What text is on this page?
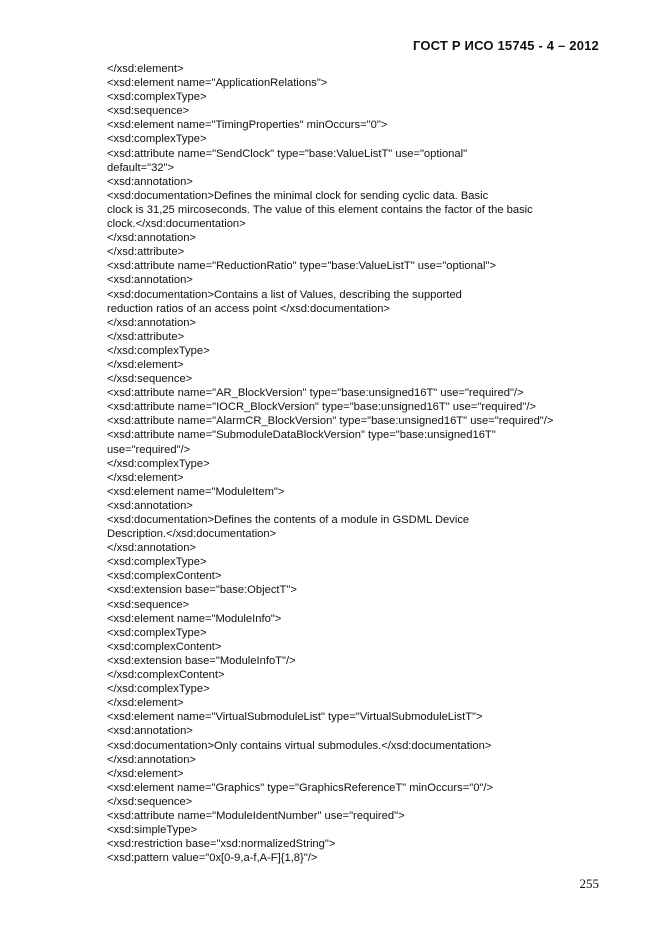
ГОСТ Р ИСО 15745 - 4 – 2012
</xsd:element>
<xsd:element name="ApplicationRelations">
<xsd:complexType>
<xsd:sequence>
<xsd:element name="TimingProperties" minOccurs="0">
<xsd:complexType>
<xsd:attribute name="SendClock" type="base:ValueListT" use="optional"
default="32">
<xsd:annotation>
<xsd:documentation>Defines the minimal clock for sending cyclic data. Basic
clock is 31,25 mircoseconds. The value of this element contains the factor of the basic
clock.</xsd:documentation>
</xsd:annotation>
</xsd:attribute>
<xsd:attribute name="ReductionRatio" type="base:ValueListT" use="optional">
<xsd:annotation>
<xsd:documentation>Contains a list of Values, describing the supported
reduction ratios of an access point </xsd:documentation>
</xsd:annotation>
</xsd:attribute>
</xsd:complexType>
</xsd:element>
</xsd:sequence>
<xsd:attribute name="AR_BlockVersion" type="base:unsigned16T" use="required"/>
<xsd:attribute name="IOCR_BlockVersion" type="base:unsigned16T" use="required"/>
<xsd:attribute name="AlarmCR_BlockVersion" type="base:unsigned16T" use="required"/>
<xsd:attribute name="SubmoduleDataBlockVersion" type="base:unsigned16T"
use="required"/>
</xsd:complexType>
</xsd:element>
<xsd:element name="ModuleItem">
<xsd:annotation>
<xsd:documentation>Defines the contents of a module in GSDML Device
Description.</xsd:documentation>
</xsd:annotation>
<xsd:complexType>
<xsd:complexContent>
<xsd:extension base="base:ObjectT">
<xsd:sequence>
<xsd:element name="ModuleInfo">
<xsd:complexType>
<xsd:complexContent>
<xsd:extension base="ModuleInfoT"/>
</xsd:complexContent>
</xsd:complexType>
</xsd:element>
<xsd:element name="VirtualSubmoduleList" type="VirtualSubmoduleListT">
<xsd:annotation>
<xsd:documentation>Only contains virtual submodules.</xsd:documentation>
</xsd:annotation>
</xsd:element>
<xsd:element name="Graphics" type="GraphicsReferenceT" minOccurs="0"/>
</xsd:sequence>
<xsd:attribute name="ModuleIdentNumber" use="required">
<xsd:simpleType>
<xsd:restriction base="xsd:normalizedString">
<xsd:pattern value="0x[0-9,a-f,A-F]{1,8}"/>
255
